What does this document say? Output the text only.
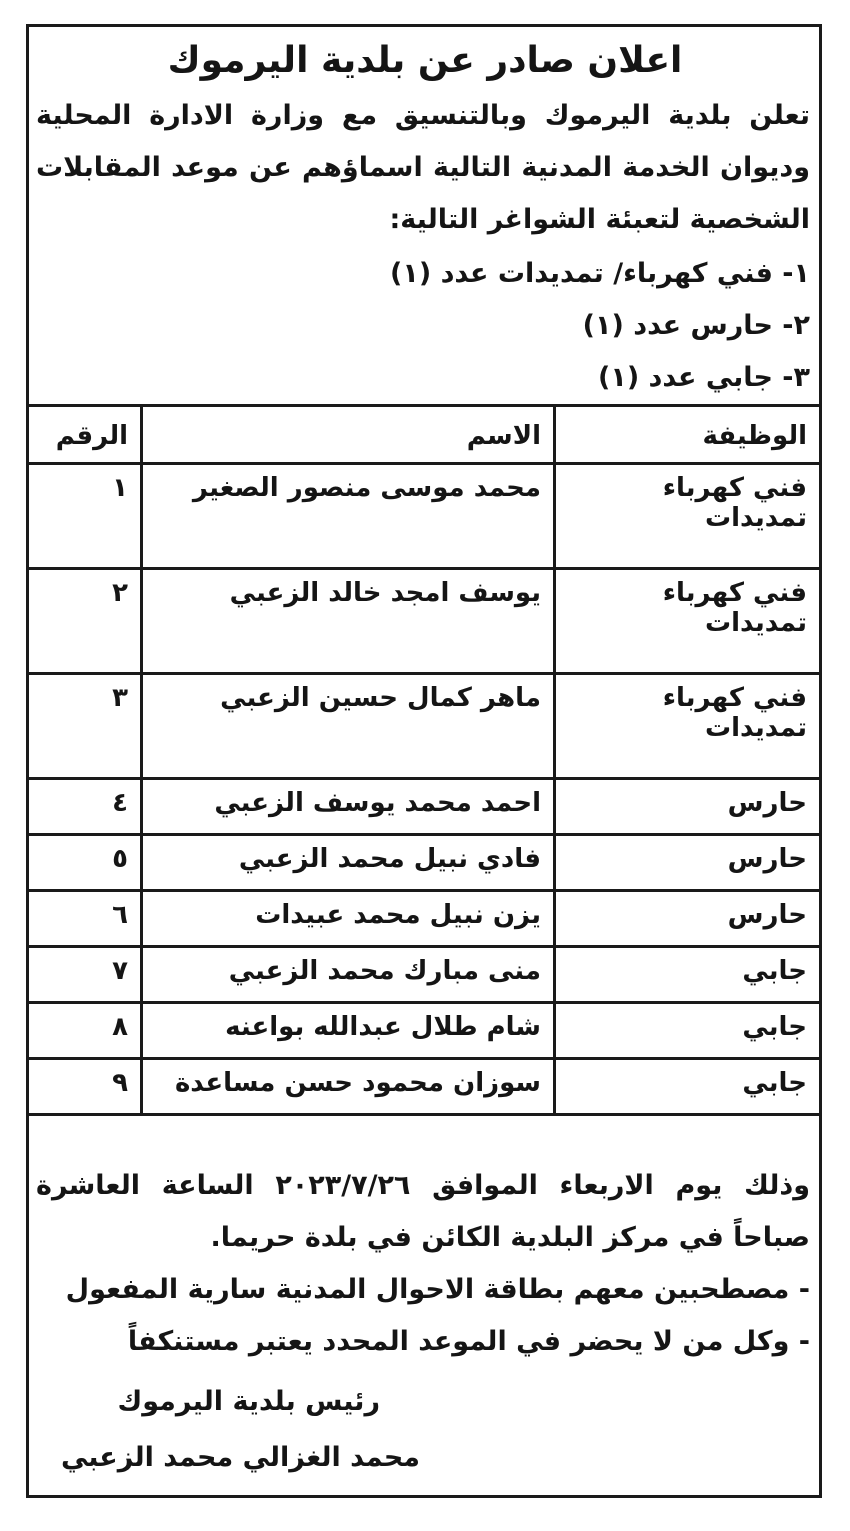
اعلان صادر عن بلدية اليرموك
تعلن بلدية اليرموك وبالتنسيق مع وزارة الادارة المحلية
وديوان الخدمة المدنية التالية اسماؤهم عن موعد المقابلات
الشخصية لتعبئة الشواغر التالية:
١- فني كهرباء/ تمديدات عدد (١)
٢- حارس عدد (١)
٣- جابي عدد (١)
الرقم	الاسم	الوظيفة
١	محمد موسى منصور الصغير	فني كهرباء
تمديدات
٢	يوسف امجد خالد الزعبي	فني كهرباء
تمديدات
٣	ماهر كمال حسين الزعبي	فني كهرباء
تمديدات
٤	احمد محمد يوسف الزعبي	حارس
٥	فادي نبيل محمد الزعبي	حارس
٦	يزن نبيل محمد عبيدات	حارس
٧	منى مبارك محمد الزعبي	جابي
٨	شام طلال عبدالله بواعنه	جابي
٩	سوزان محمود حسن مساعدة	جابي
وذلك يوم الاربعاء الموافق ٢٠٢٣/٧/٢٦ الساعة العاشرة
صباحاً في مركز البلدية الكائن في بلدة حريما.
- مصطحبين معهم بطاقة الاحوال المدنية سارية المفعول
- وكل من لا يحضر في الموعد المحدد يعتبر مستنكفاً
رئيس بلدية اليرموك
محمد الغزالي محمد الزعبي
